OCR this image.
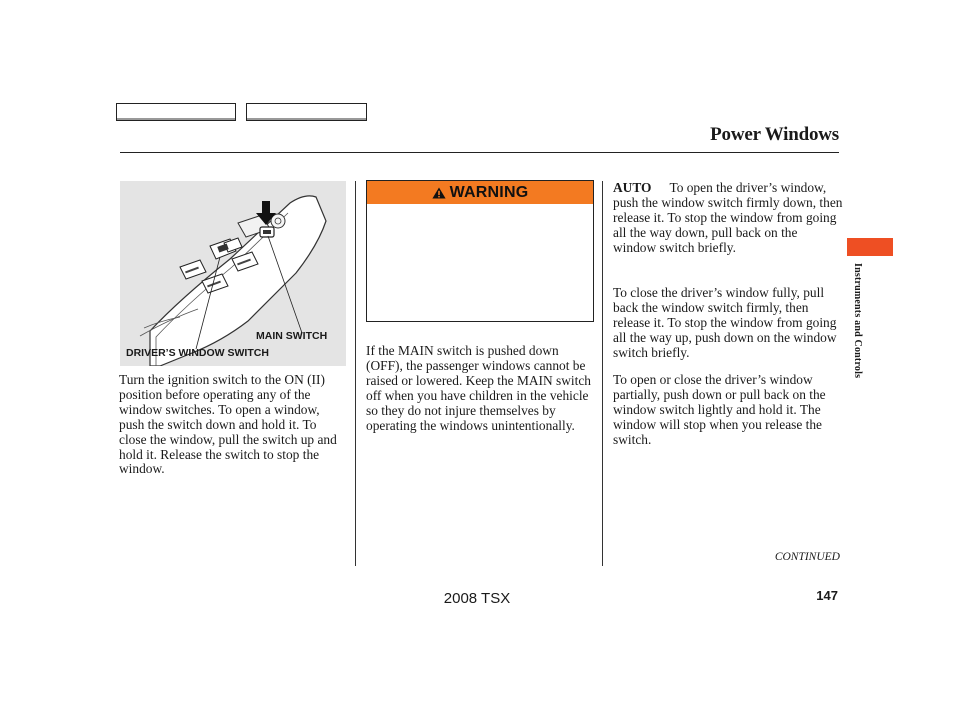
Power Windows
Instruments and Controls
MAIN SWITCH
DRIVER’S WINDOW SWITCH

Turn the ignition switch to the ON (II) position before operating any of the window switches. To open a window, push the switch down and hold it. To close the window, pull the switch up and hold it. Release the switch to stop the window.

WARNING

If the MAIN switch is pushed down (OFF), the passenger windows cannot be raised or lowered. Keep the MAIN switch off when you have children in the vehicle so they do not injure themselves by operating the windows unintentionally.

AUTO To open the driver’s window, push the window switch firmly down, then release it. To stop the window from going all the way down, pull back on the window switch briefly.

To close the driver’s window fully, pull back the window switch firmly, then release it. To stop the window from going all the way up, push down on the window switch briefly.

To open or close the driver’s window partially, push down or pull back on the window switch lightly and hold it. The window will stop when you release the switch.

CONTINUED
147
2008 TSX
